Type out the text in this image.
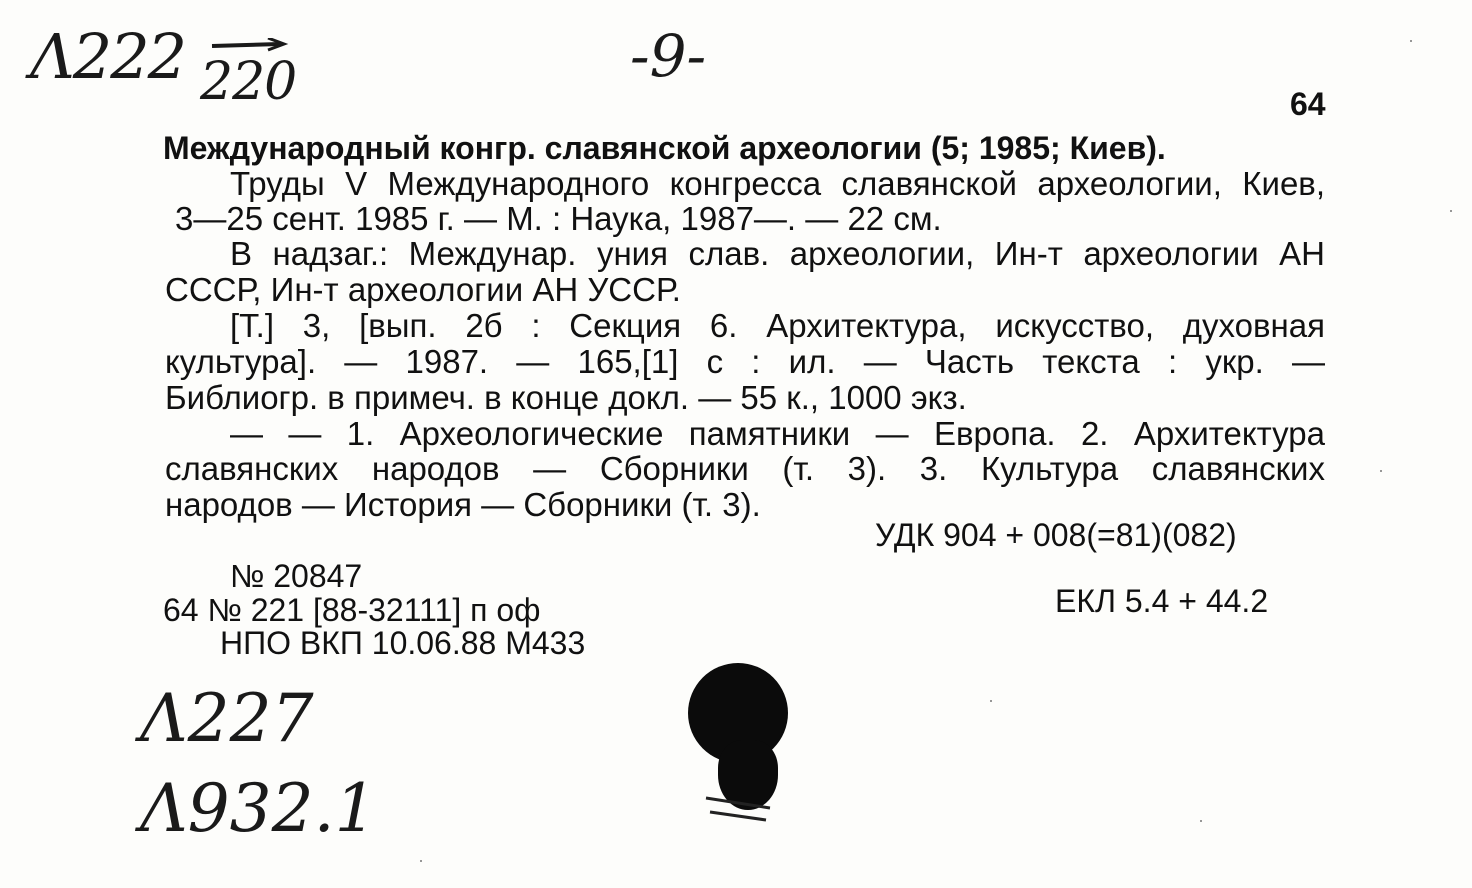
Λ222 220	-9-
64
Международный конгр. славянской археологии (5; 1985; Киев).
Труды V Международного конгресса славянской археологии, Киев,
3—25 сент. 1985 г. — М. : Наука, 1987—. — 22 см.
В надзаг.: Междунар. уния слав. археологии, Ин-т археологии АН
СССР, Ин-т археологии АН УССР.
[Т.] 3, [вып. 2б : Секция 6. Архитектура, искусство, духовная
культура]. — 1987. — 165,[1] с : ил. — Часть текста : укр. —
Библиогр. в примеч. в конце докл. — 55 к., 1000 экз.
— — 1. Археологические памятники — Европа. 2. Архитектура
славянских народов — Сборники (т. 3). 3. Культура славянских
народов — История — Сборники (т. 3).
УДК 904 + 008(=81)(082)
ЕКЛ 5.4 + 44.2
№ 20847
64 № 221 [88-32111] п оф
НПО ВКП 10.06.88 М433
Λ227
Λ932.1
